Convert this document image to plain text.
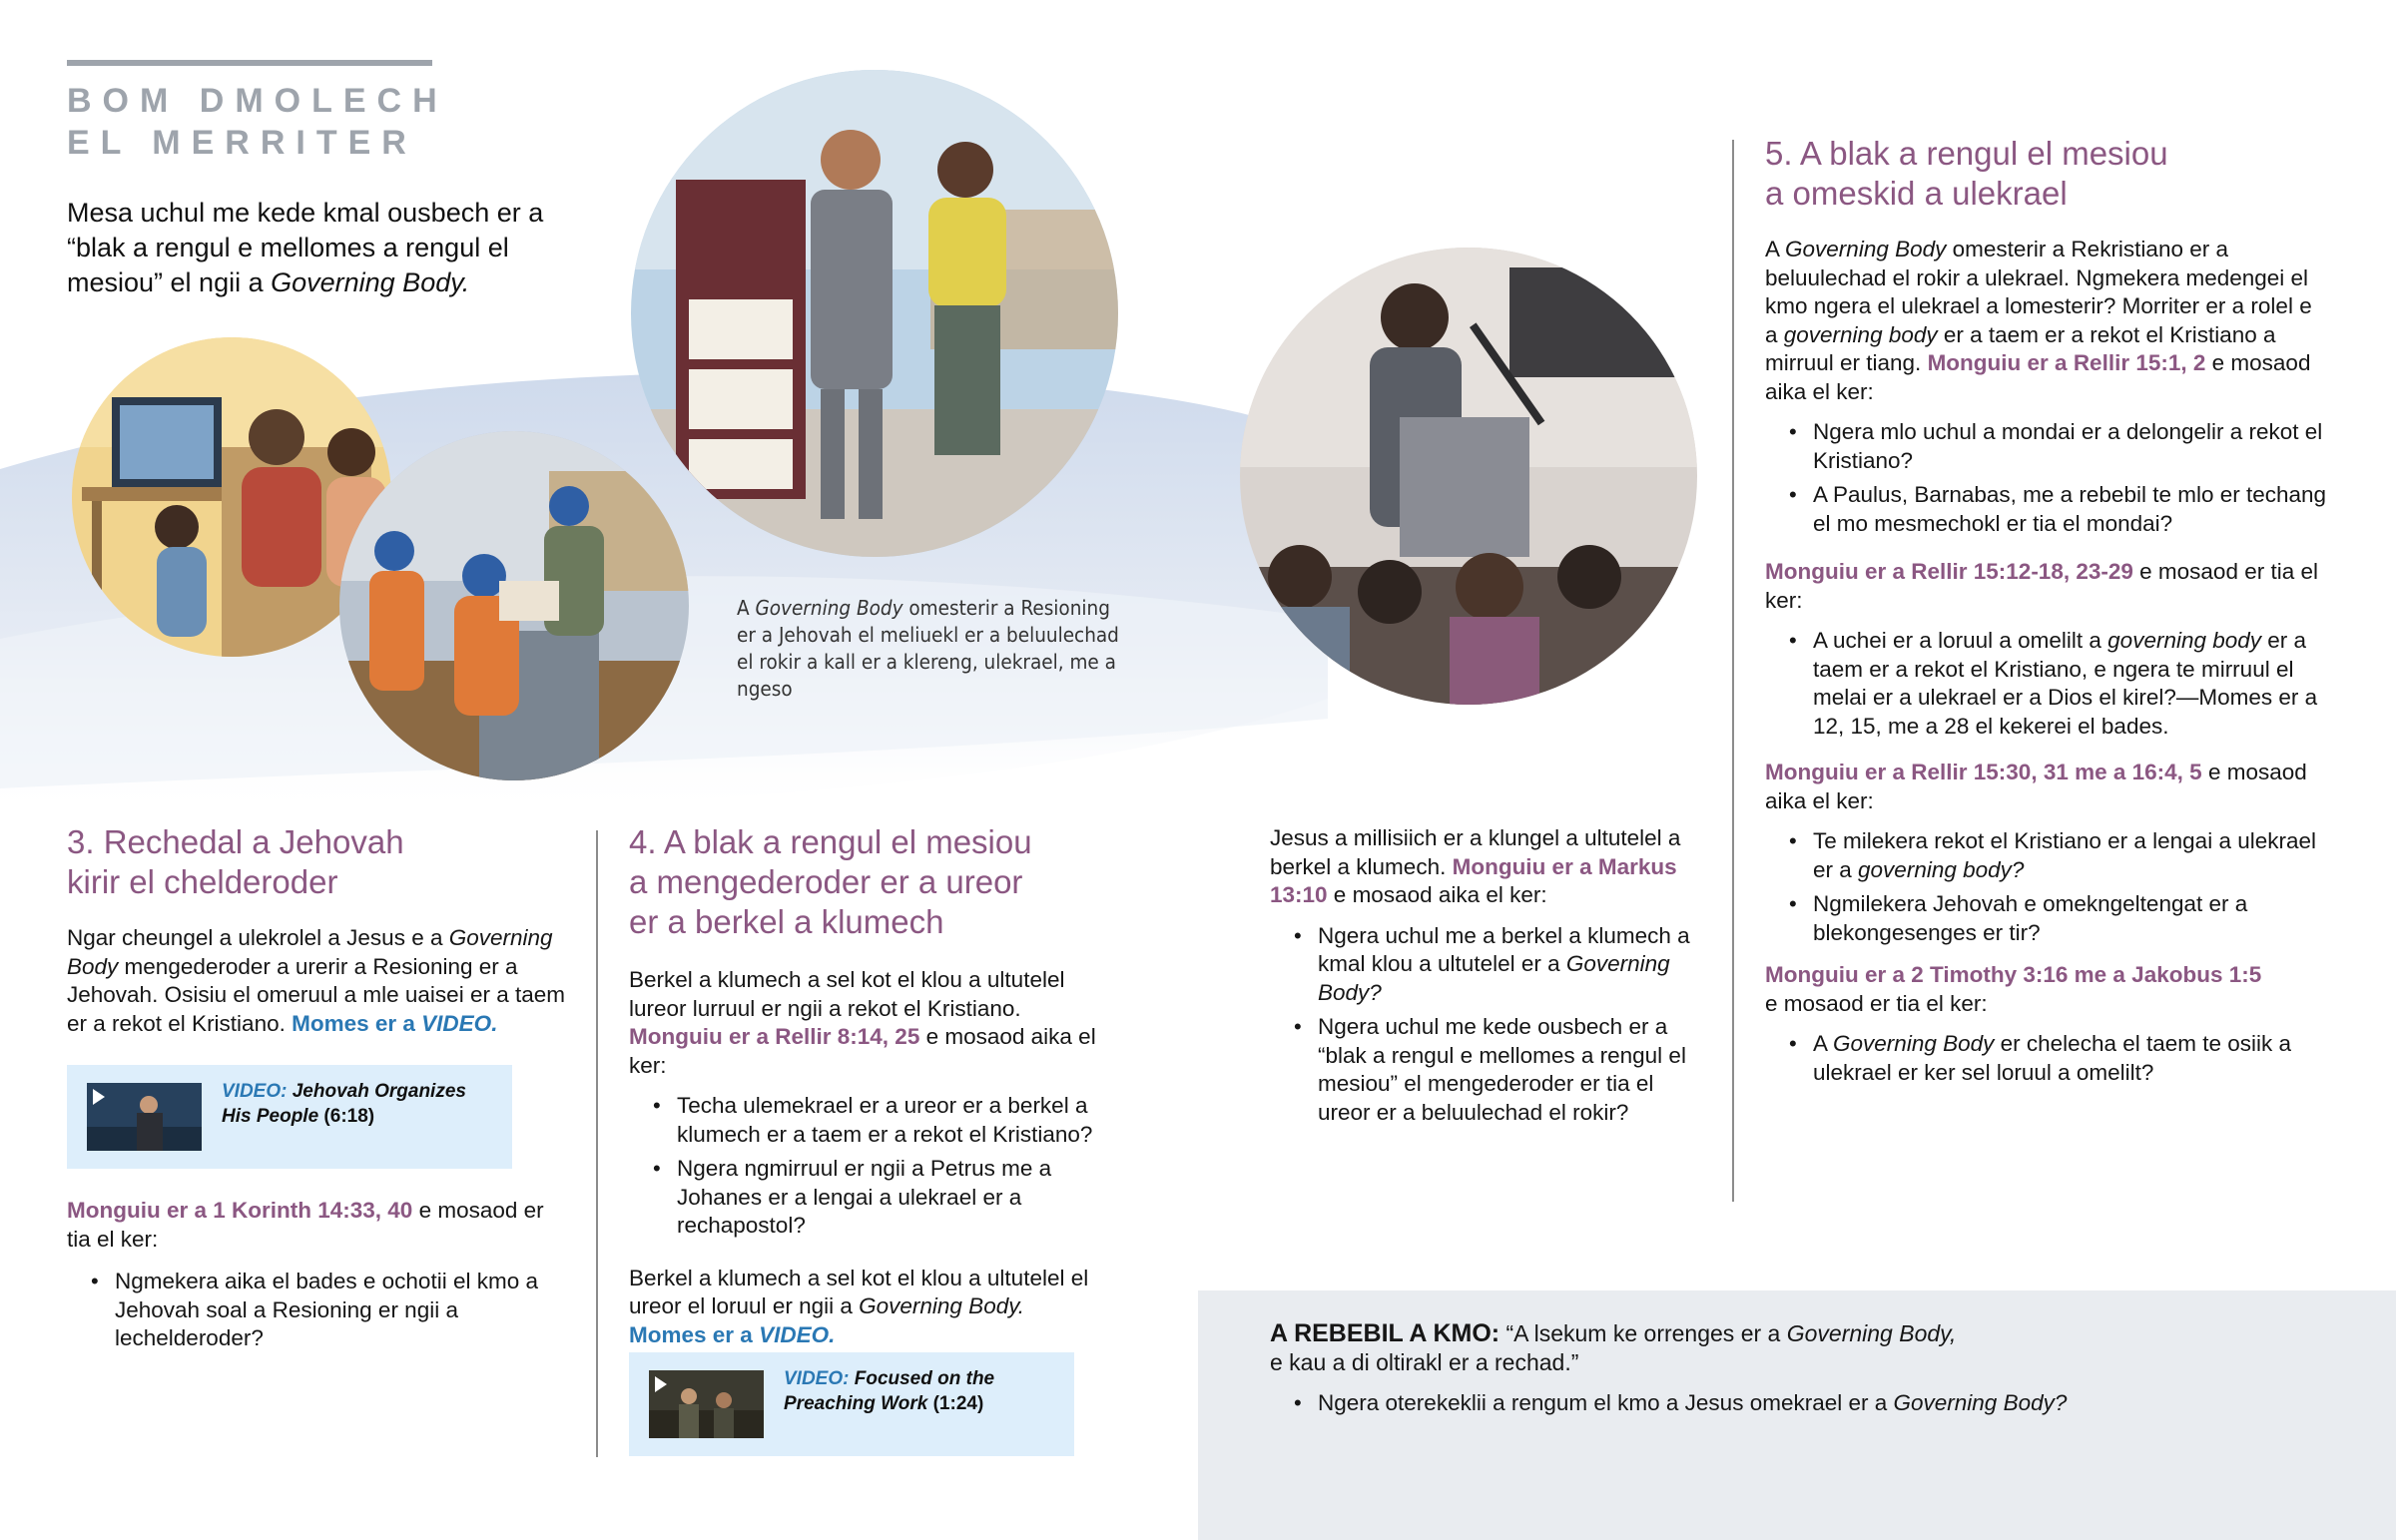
BOM DMOLECH
EL MERRITER
Mesa uchul me kede kmal ousbech er a “blak a rengul e mellomes a rengul el mesiou” el ngii a Governing Body.
A Governing Body omesterir a Resioning er a Jehovah el meliuekl er a beluulechad el rokir a kall er a klereng, ulekrael, me a ngeso
3. Rechedal a Jehovah
kirir el chelderoder

Ngar cheungel a ulekrolel a Jesus e a Governing Body mengederoder a urerir a Resioning er a Jehovah. Osisiu el omeruul a mle uaisei er a taem er a rekot el Kristiano. Momes er a VIDEO.

VIDEO: Jehovah Organizes His People (6:18)

Monguiu er a 1 Korinth 14:33, 40 e mosaod er tia el ker:

• Ngmekera aika el bades e ochotii el kmo a Jehovah soal a Resioning er ngii a lechelderoder?
4. A blak a rengul el mesiou
a mengederoder er a ureor
er a berkel a klumech

Berkel a klumech a sel kot el klou a ultutelel lureor lurruul er ngii a rekot el Kristiano. Monguiu er a Rellir 8:14, 25 e mosaod aika el ker:

• Techa ulemekrael er a ureor er a berkel a klumech er a taem er a rekot el Kristiano?
• Ngera ngmirruul er ngii a Petrus me a Johanes er a lengai a ulekrael er a rechapostol?

Berkel a klumech a sel kot el klou a ultutelel el ureor el loruul er ngii a Governing Body.
Momes er a VIDEO.

VIDEO: Focused on the Preaching Work (1:24)

Jesus a millisiich er a klungel a ultutelel a berkel a klumech. Monguiu er a Markus 13:10 e mosaod aika el ker:

• Ngera uchul me a berkel a klumech a kmal klou a ultutelel er a Governing Body?
• Ngera uchul me kede ousbech er a “blak a rengul e mellomes a rengul el mesiou” el mengederoder er tia el ureor er a beluulechad el rokir?
5. A blak a rengul el mesiou
a omeskid a ulekrael

A Governing Body omesterir a Rekristiano er a beluulechad el rokir a ulekrael. Ngmekera medengei el kmo ngera el ulekrael a lomesterir? Morriter er a rolel e a governing body er a taem er a rekot el Kristiano a mirruul er tiang. Monguiu er a Rellir 15:1, 2 e mosaod aika el ker:

• Ngera mlo uchul a mondai er a delongelir a rekot el Kristiano?
• A Paulus, Barnabas, me a rebebil te mlo er techang el mo mesmechokl er tia el mondai?

Monguiu er a Rellir 15:12-18, 23-29 e mosaod er tia el ker:

• A uchei er a loruul a omelilt a governing body er a taem er a rekot el Kristiano, e ngera te mirruul el melai er a ulekrael er a Dios el kirel?—Momes er a 12, 15, me a 28 el kekerei el bades.

Monguiu er a Rellir 15:30, 31 me a 16:4, 5 e mosaod aika el ker:

• Te milekera rekot el Kristiano er a lengai a ulekrael er a governing body?
• Ngmilekera Jehovah e omekngeltengat er a blekongesenges er tir?

Monguiu er a 2 Timothy 3:16 me a Jakobus 1:5
e mosaod er tia el ker:

• A Governing Body er chelecha el taem te osiik a ulekrael er ker sel loruul a omelilt?

A REBEBIL A KMO: “A lsekum ke orrenges er a Governing Body,
e kau a di oltirakl er a rechad.”

• Ngera oterekeklii a rengum el kmo a Jesus omekrael er a Governing Body?
